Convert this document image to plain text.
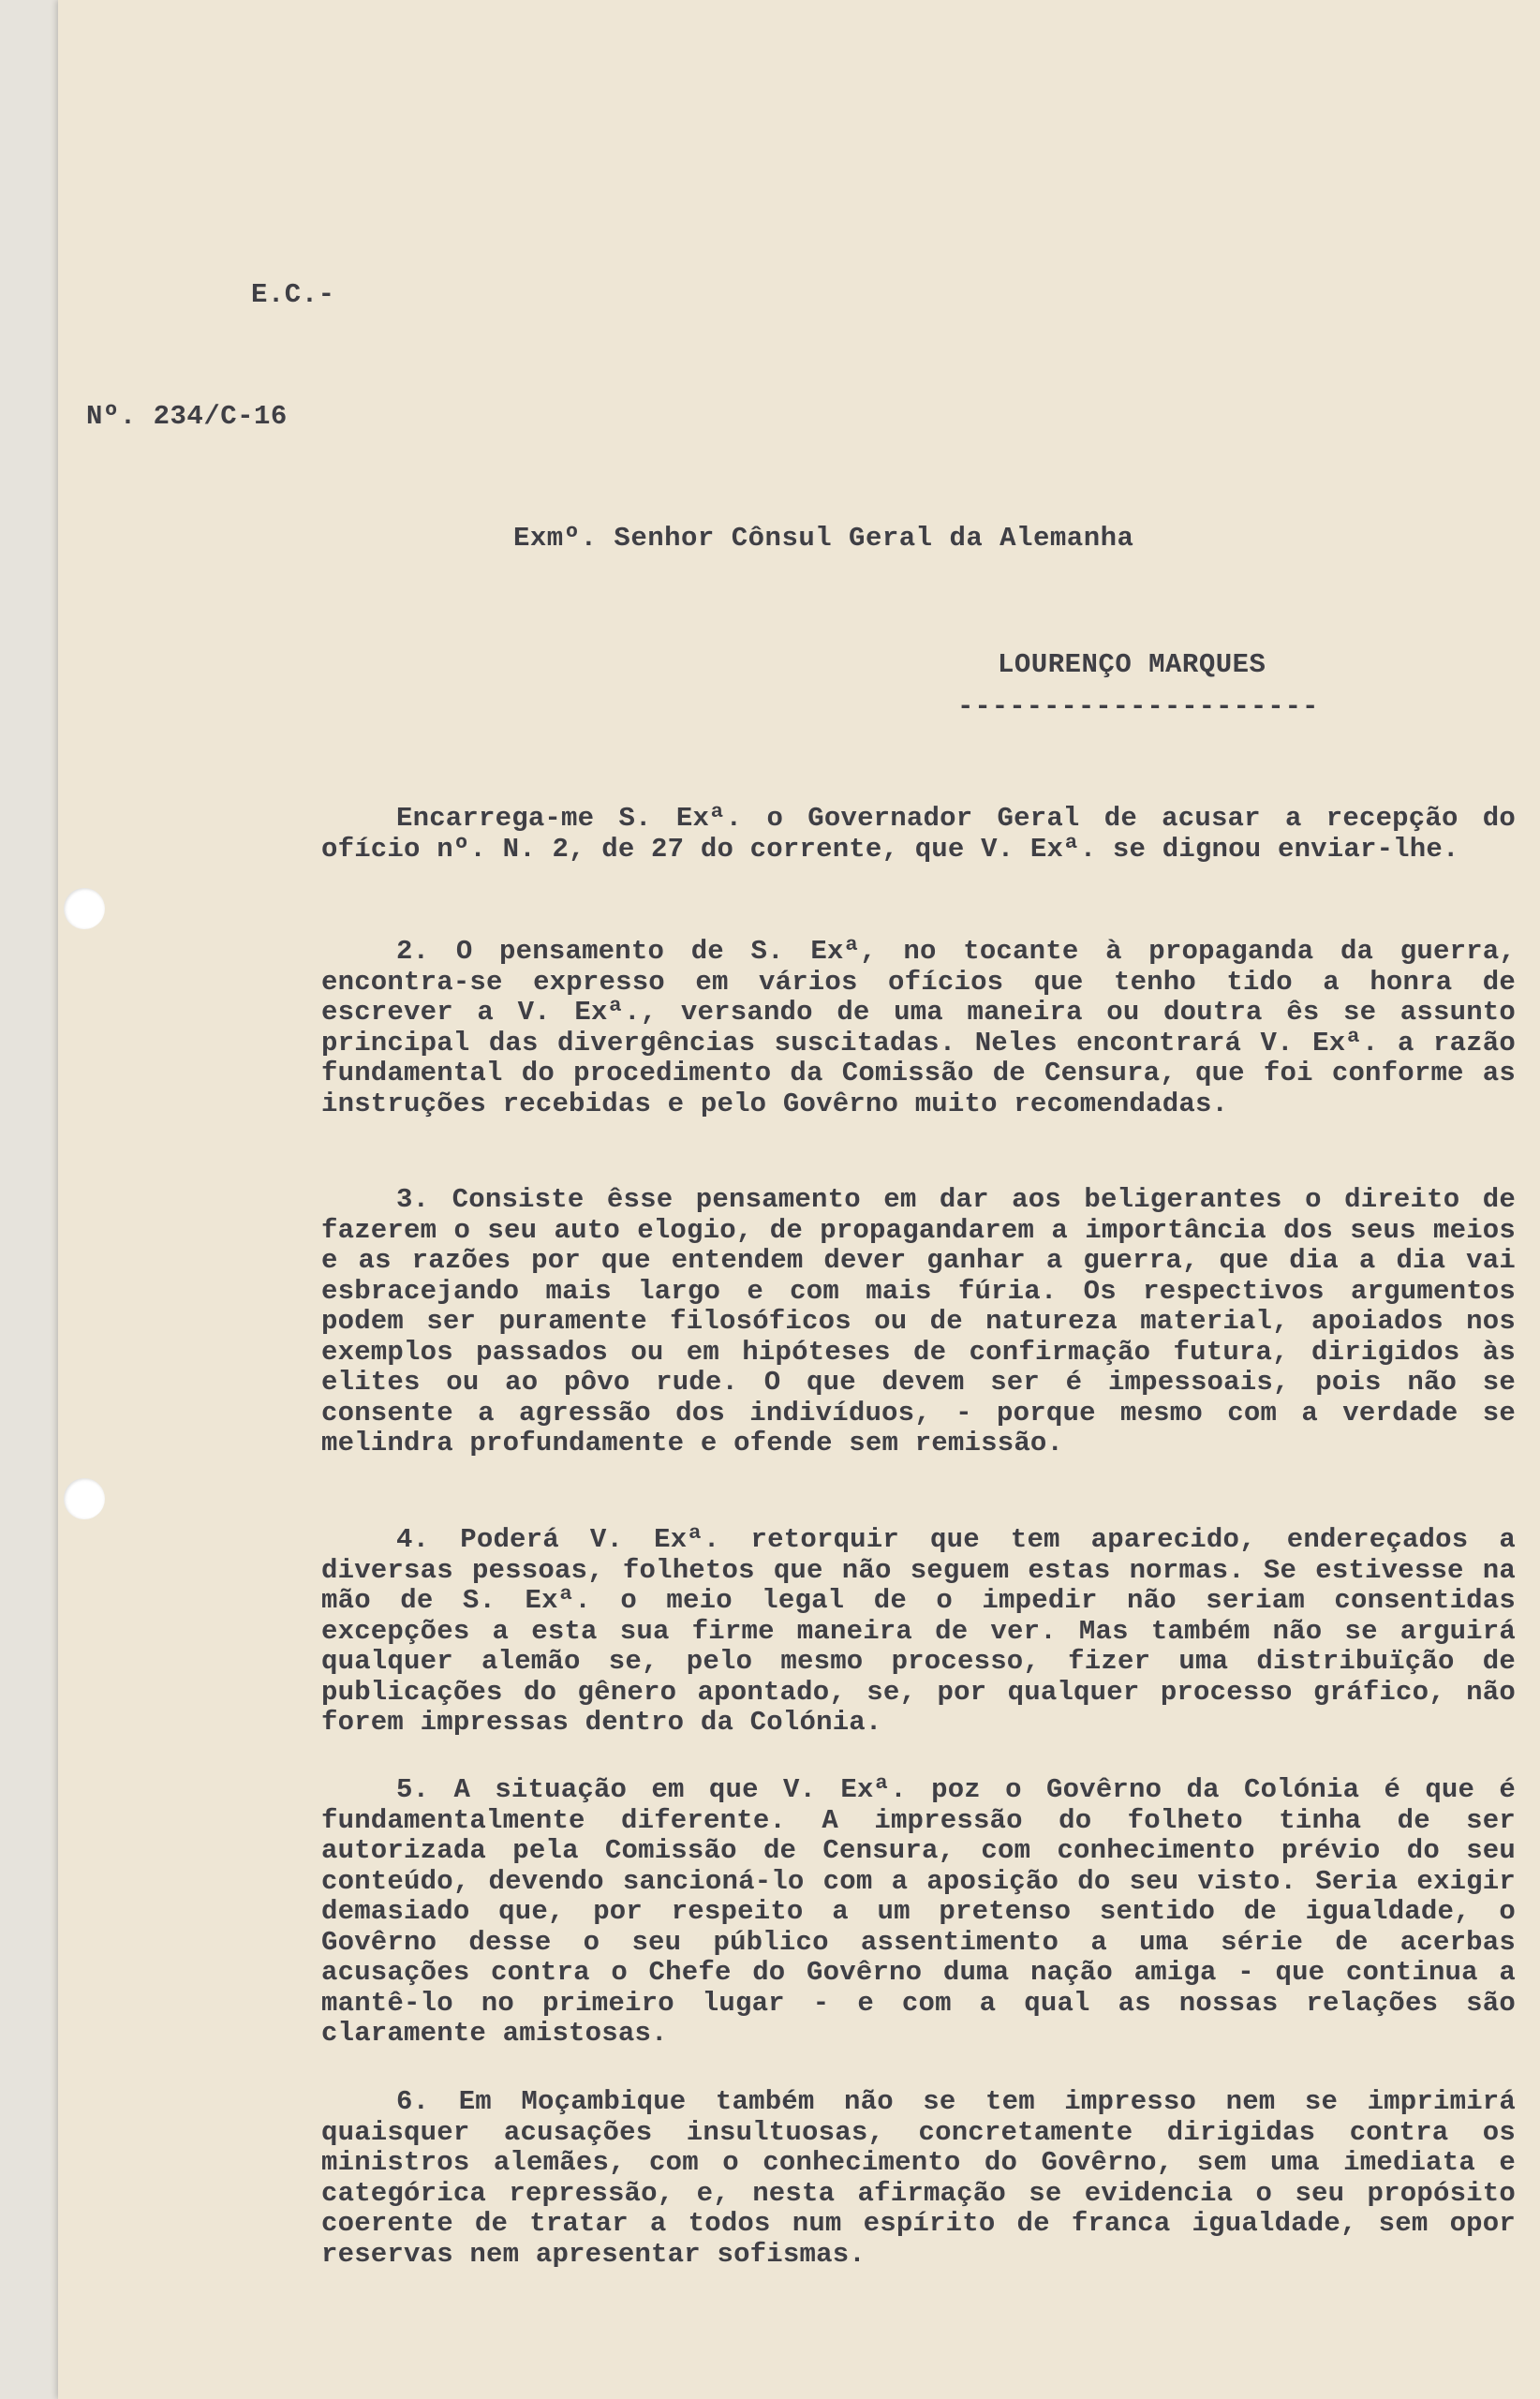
E.C.-
Nº. 234/C-16
Exmº. Senhor Cônsul Geral da Alemanha
LOURENÇO MARQUES
---------------------
Encarrega-me S. Exª. o Governador Geral de acusar a recepção do ofício nº. N. 2, de 27 do corrente, que V. Exª. se dignou enviar-lhe.
2. O pensamento de S. Exª, no tocante à propaganda da guerra, encontra-se expresso em vários ofícios que tenho tido a honra de escrever a V. Exª., versando de uma maneira ou doutra ês se assunto principal das divergências suscitadas. Neles encontrará V. Exª. a razão fundamental do procedimento da Comissão de Censura, que foi conforme as instruções recebidas e pelo Govêrno muito recomendadas.
3. Consiste êsse pensamento em dar aos beligerantes o direito de fazerem o seu auto elogio, de propagandarem a importância dos seus meios e as razões por que entendem dever ganhar a guerra, que dia a dia vai esbracejando mais largo e com mais fúria. Os respectivos argumentos podem ser puramente filosóficos ou de natureza material, apoiados nos exemplos passados ou em hipóteses de confirmação futura, dirigidos às elites ou ao pôvo rude. O que devem ser é impessoais, pois não se consente a agressão dos indivíduos, - porque mesmo com a verdade se melindra profundamente e ofende sem remissão.
4. Poderá V. Exª. retorquir que tem aparecido, endereçados a diversas pessoas, folhetos que não seguem estas normas. Se estivesse na mão de S. Exª. o meio legal de o impedir não seriam consentidas excepções a esta sua firme maneira de ver. Mas também não se arguirá qualquer alemão se, pelo mesmo processo, fizer uma distribuïção de publicações do gênero apontado, se, por qualquer processo gráfico, não forem impressas dentro da Colónia.
5. A situação em que V. Exª. poz o Govêrno da Colónia é que é fundamentalmente diferente. A impressão do folheto tinha de ser autorizada pela Comissão de Censura, com conhecimento prévio do seu conteúdo, devendo sancioná-lo com a aposição do seu visto. Seria exigir demasiado que, por respeito a um pretenso sentido de igualdade, o Govêrno desse o seu público assentimento a uma série de acerbas acusações contra o Chefe do Govêrno duma nação amiga - que continua a mantê-lo no primeiro lugar - e com a qual as nossas relações são claramente amistosas.
6. Em Moçambique também não se tem impresso nem se imprimirá quaisquer acusações insultuosas, concretamente dirigidas contra os ministros alemães, com o conhecimento do Govêrno, sem uma imediata e categórica repressão, e, nesta afirmação se evidencia o seu propósito coerente de tratar a todos num espírito de franca igualdade, sem opor reservas nem apresentar sofismas.
